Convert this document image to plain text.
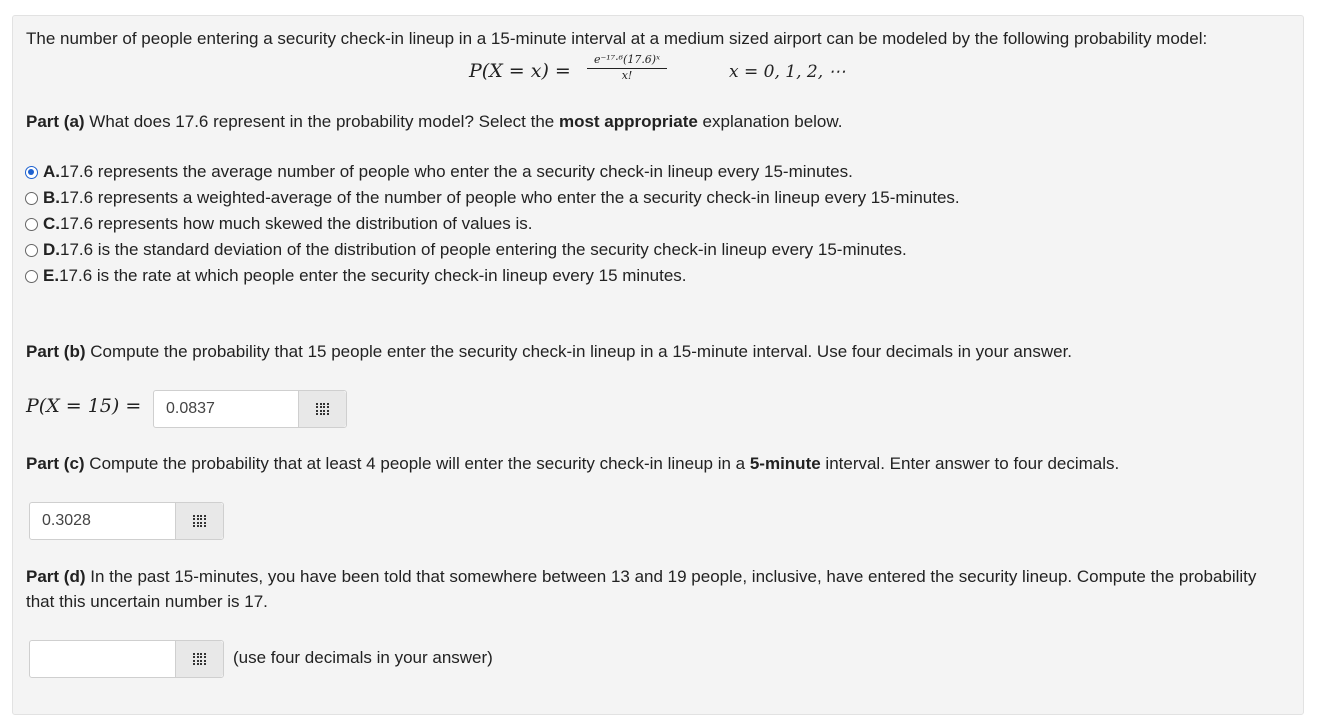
The number of people entering a security check-in lineup in a 15-minute interval at a medium sized airport can be modeled by the following probability model:
$P(X = x) = \frac{\text{e⁻¹⁷·⁶(17.6)ˣ}}{x!}$	x = 0, 1, 2, ⋯
Part (a) What does 17.6 represent in the probability model? Select the most appropriate explanation below.
A. 17.6 represents the average number of people who enter the a security check-in lineup every 15-minutes.
B. 17.6 represents a weighted-average of the number of people who enter the a security check-in lineup every 15-minutes.
C. 17.6 represents how much skewed the distribution of values is.
D. 17.6 is the standard deviation of the distribution of people entering the security check-in lineup every 15-minutes.
E. 17.6 is the rate at which people enter the security check-in lineup every 15 minutes.
Part (b) Compute the probability that 15 people enter the security check-in lineup in a 15-minute interval. Use four decimals in your answer.
P(X = 15) =
0.0837
Part (c) Compute the probability that at least 4 people will enter the security check-in lineup in a 5-minute interval. Enter answer to four decimals.
0.3028
Part (d) In the past 15-minutes, you have been told that somewhere between 13 and 19 people, inclusive, have entered the security lineup. Compute the probability
that this uncertain number is 17.
(use four decimals in your answer)
